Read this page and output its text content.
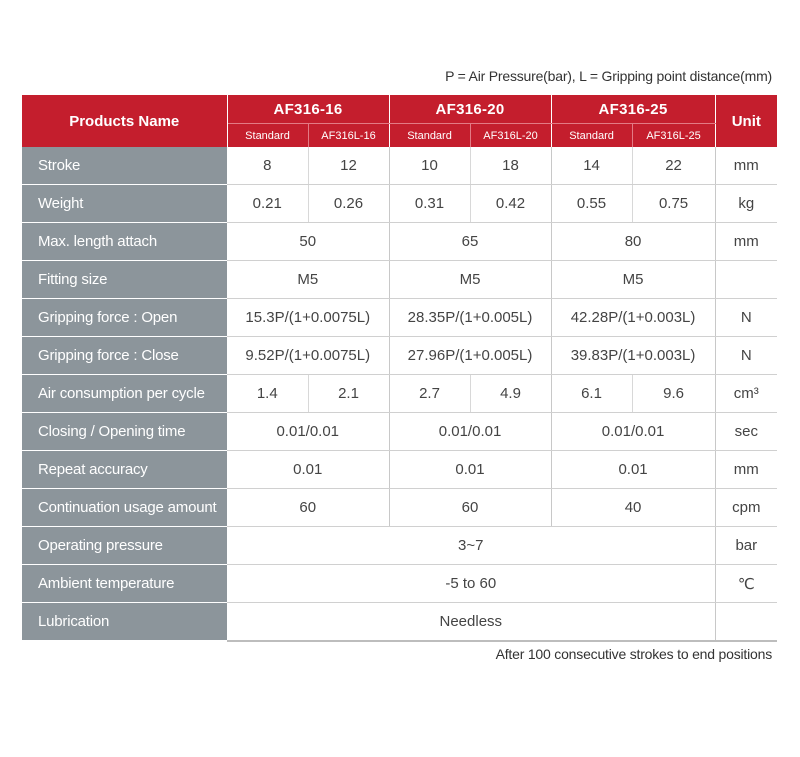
P = Air Pressure(bar), L = Gripping point distance(mm)
Products Name	AF316-16		AF316-20		AF316-25		Unit
	Standard	AF316L-16	Standard	AF316L-20	Standard	AF316L-25	
Stroke	8	12	10	18	14	22	mm
Weight	0.21	0.26	0.31	0.42	0.55	0.75	kg
Max. length attach	50		65		80		mm
Fitting size	M5		M5		M5		
Gripping force : Open	15.3P/(1+0.0075L)		28.35P/(1+0.005L)		42.28P/(1+0.003L)		N
Gripping force : Close	9.52P/(1+0.0075L)		27.96P/(1+0.005L)		39.83P/(1+0.003L)		N
Air consumption per cycle	1.4	2.1	2.7	4.9	6.1	9.6	cm³
Closing / Opening time	0.01/0.01		0.01/0.01		0.01/0.01		sec
Repeat accuracy	0.01		0.01		0.01		mm
Continuation usage amount	60		60		40		cpm
Operating pressure	3~7						bar
Ambient temperature	-5 to 60						℃
Lubrication	Needless						
After 100 consecutive strokes to end positions
